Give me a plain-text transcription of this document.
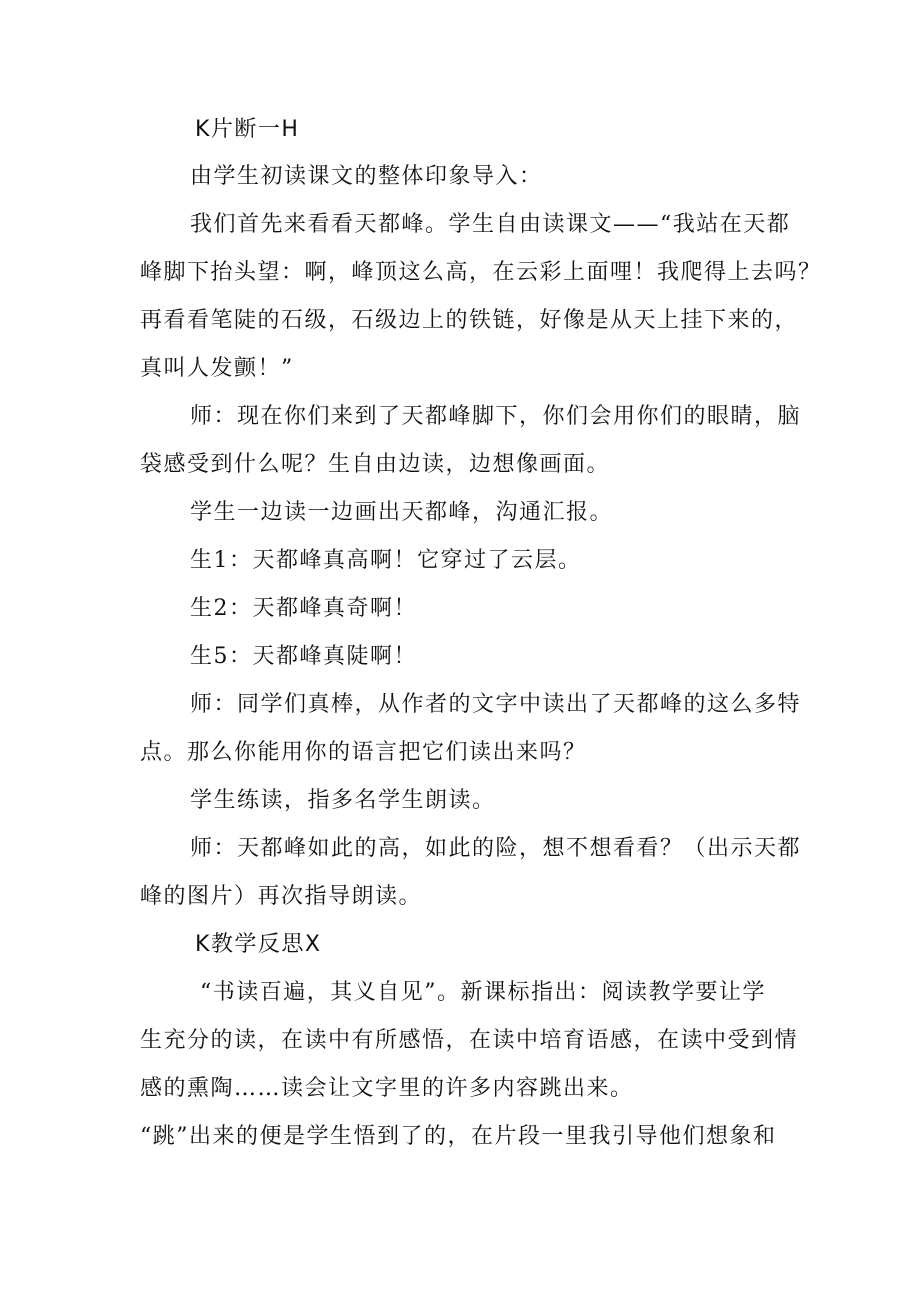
K片断一H
由学生初读课文的整体印象导入：
我们首先来看看天都峰。学生自由读课文——“我站在天都
峰脚下抬头望：啊，峰顶这么高，在云彩上面哩！我爬得上去吗？
再看看笔陡的石级，石级边上的铁链，好像是从天上挂下来的，
真叫人发颤！”
师：现在你们来到了天都峰脚下，你们会用你们的眼睛，脑
袋感受到什么呢？生自由边读，边想像画面。
学生一边读一边画出天都峰，沟通汇报。
生1：天都峰真高啊！它穿过了云层。
生2：天都峰真奇啊！
生5：天都峰真陡啊！
师：同学们真棒，从作者的文字中读出了天都峰的这么多特
点。那么你能用你的语言把它们读出来吗？
学生练读，指多名学生朗读。
师：天都峰如此的高，如此的险，想不想看看？（出示天都
峰的图片）再次指导朗读。
K教学反思X
“书读百遍，其义自见”。新课标指出：阅读教学要让学
生充分的读，在读中有所感悟，在读中培育语感，在读中受到情
感的熏陶……读会让文字里的许多内容跳出来。
“跳”出来的便是学生悟到了的，在片段一里我引导他们想象和
